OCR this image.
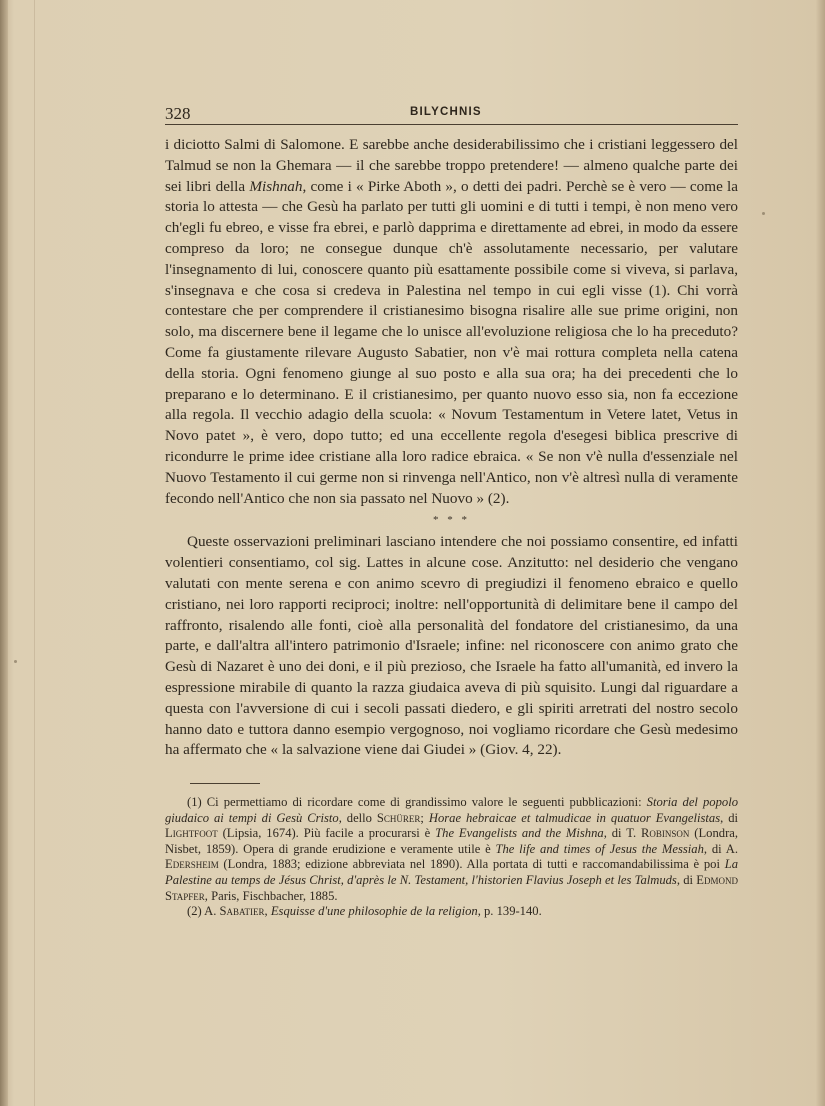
328	BILYCHNIS

i diciotto Salmi di Salomone. E sarebbe anche desiderabilissimo che i cristiani leggessero del Talmud se non la Ghemara — il che sarebbe troppo pretendere! — almeno qualche parte dei sei libri della Mishnah, come i « Pirke Aboth », o detti dei padri. Perchè se è vero — come la storia lo attesta — che Gesù ha parlato per tutti gli uomini e di tutti i tempi, è non meno vero ch'egli fu ebreo, e visse fra ebrei, e parlò dapprima e direttamente ad ebrei, in modo da essere compreso da loro; ne consegue dunque ch'è assolutamente necessario, per valutare l'insegnamento di lui, conoscere quanto più esattamente possibile come si viveva, si parlava, s'insegnava e che cosa si credeva in Palestina nel tempo in cui egli visse (1). Chi vorrà contestare che per comprendere il cristianesimo bisogna risalire alle sue prime origini, non solo, ma discernere bene il legame che lo unisce all'evoluzione religiosa che lo ha preceduto? Come fa giustamente rilevare Augusto Sabatier, non v'è mai rottura completa nella catena della storia. Ogni fenomeno giunge al suo posto e alla sua ora; ha dei precedenti che lo preparano e lo determinano. E il cristianesimo, per quanto nuovo esso sia, non fa eccezione alla regola. Il vecchio adagio della scuola: « Novum Testamentum in Vetere latet, Vetus in Novo patet », è vero, dopo tutto; ed una eccellente regola d'esegesi biblica prescrive di ricondurre le prime idee cristiane alla loro radice ebraica. « Se non v'è nulla d'essenziale nel Nuovo Testamento il cui germe non si rinvenga nell'Antico, non v'è altresì nulla di veramente fecondo nell'Antico che non sia passato nel Nuovo » (2).

* * *

Queste osservazioni preliminari lasciano intendere che noi possiamo consentire, ed infatti volentieri consentiamo, col sig. Lattes in alcune cose. Anzitutto: nel desiderio che vengano valutati con mente serena e con animo scevro di pregiudizi il fenomeno ebraico e quello cristiano, nei loro rapporti reciproci; inoltre: nell'opportunità di delimitare bene il campo del raffronto, risalendo alle fonti, cioè alla personalità del fondatore del cristianesimo, da una parte, e dall'altra all'intero patrimonio d'Israele; infine: nel riconoscere con animo grato che Gesù di Nazaret è uno dei doni, e il più prezioso, che Israele ha fatto all'umanità, ed invero la espressione mirabile di quanto la razza giudaica aveva di più squisito. Lungi dal riguardare a questa con l'avversione di cui i secoli passati diedero, e gli spiriti arretrati del nostro secolo hanno dato e tuttora danno esempio vergognoso, noi vogliamo ricordare che Gesù medesimo ha affermato che « la salvazione viene dai Giudei » (Giov. 4, 22).

(1) Ci permettiamo di ricordare come di grandissimo valore le seguenti pubblicazioni: Storia del popolo giudaico ai tempi di Gesù Cristo, dello Schürer; Horae hebraicae et talmudicae in quatuor Evangelistas, di Lightfoot (Lipsia, 1674). Più facile a procurarsi è The Evangelists and the Mishna, di T. Robinson (Londra, Nisbet, 1859). Opera di grande erudizione e veramente utile è The life and times of Jesus the Messiah, di A. Edersheim (Londra, 1883; edizione abbreviata nel 1890). Alla portata di tutti e raccomandabilissima è poi La Palestine au temps de Jésus Christ, d'après le N. Testament, l'historien Flavius Joseph et les Talmuds, di Edmond Stapfer, Paris, Fischbacher, 1885.

(2) A. Sabatier, Esquisse d'une philosophie de la religion, p. 139-140.
